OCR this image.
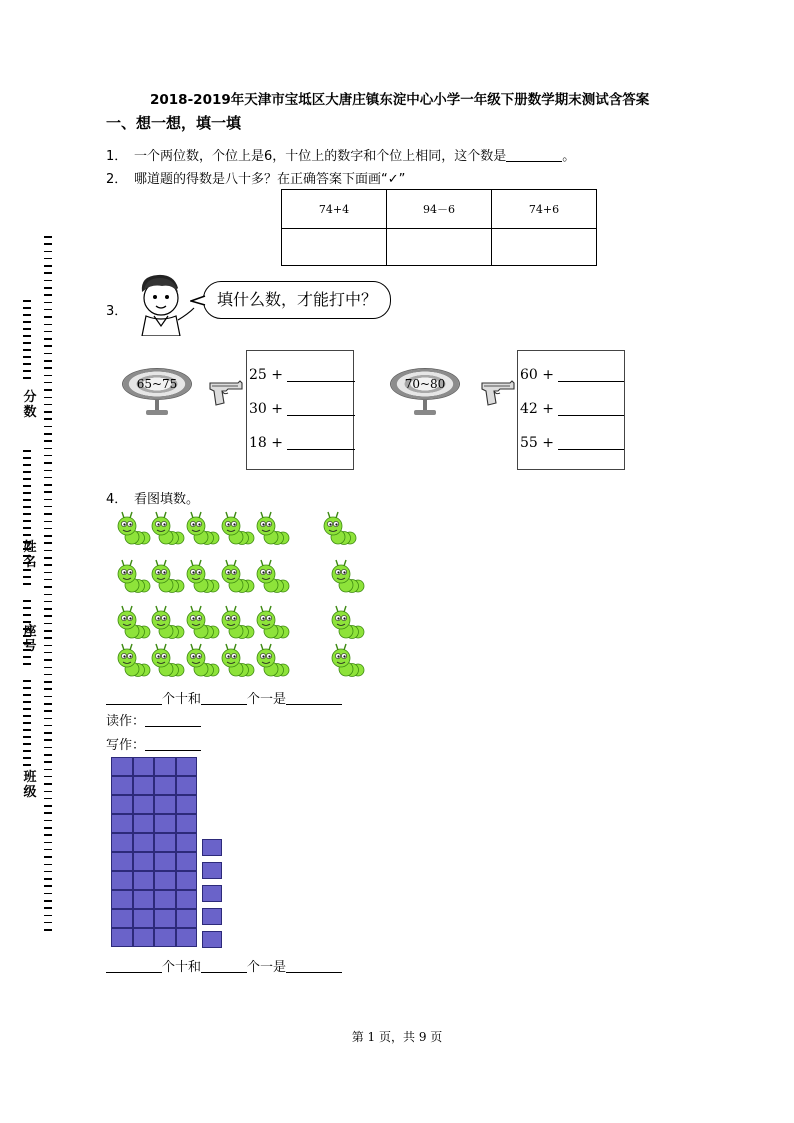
分数
姓名
座号
班级
2018-2019年天津市宝坻区大唐庄镇东淀中心小学一年级下册数学期末测试含答案
一、想一想，填一填
1． 一个两位数，个位上是6，十位上的数字和个位上相同，这个数是	。
2． 哪道题的得数是八十多？在正确答案下面画“✓”
74+4	94－6	74+6

3．
填什么数，才能打中？
65~75
25 +
30 +
18 +
70~80
60 +
42 +
55 +
4． 看图填数。
个十和	个一是
读作：
写作：
个十和	个一是
第 1 页，共 9 页
